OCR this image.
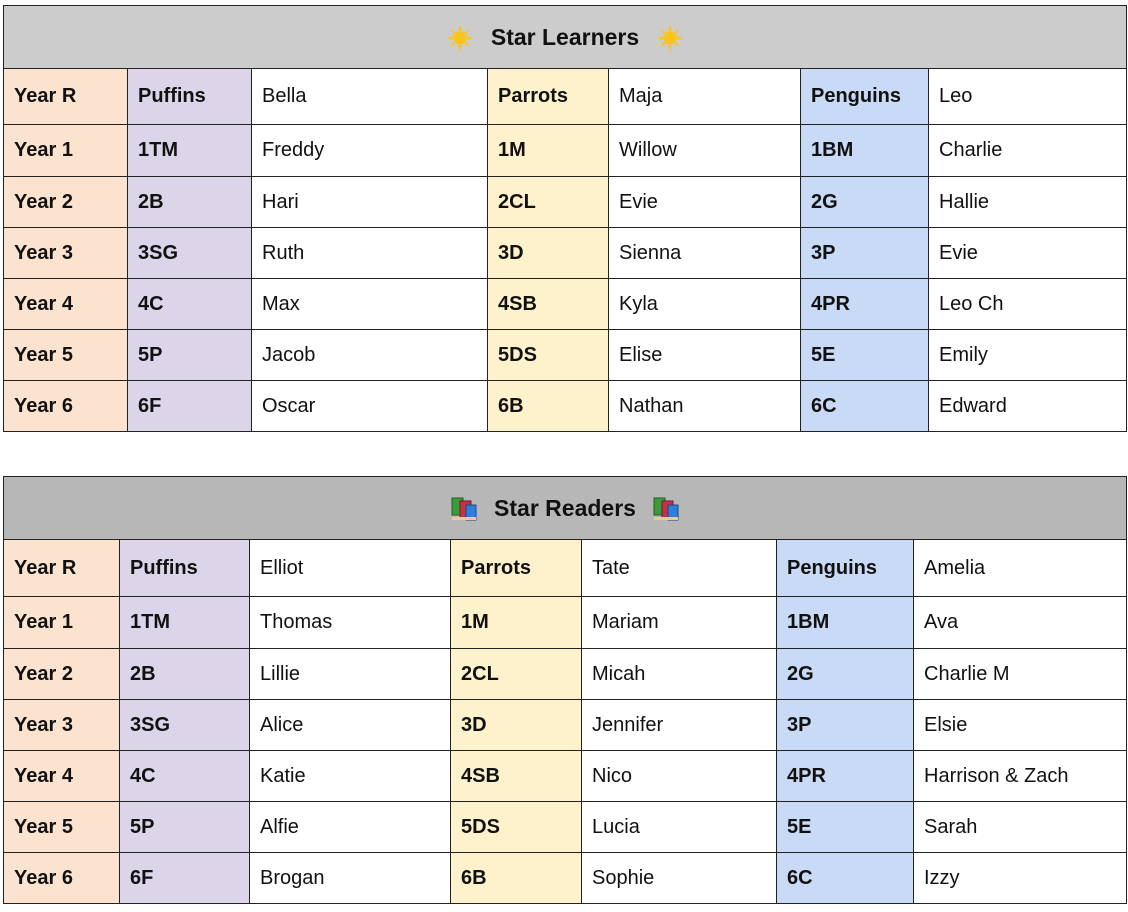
Star Learners						
Year R	Puffins	Bella	Parrots	Maja	Penguins	Leo
Year 1	1TM	Freddy	1M	Willow	1BM	Charlie
Year 2	2B	Hari	2CL	Evie	2G	Hallie
Year 3	3SG	Ruth	3D	Sienna	3P	Evie
Year 4	4C	Max	4SB	Kyla	4PR	Leo Ch
Year 5	5P	Jacob	5DS	Elise	5E	Emily
Year 6	6F	Oscar	6B	Nathan	6C	Edward
Star Readers						
Year R	Puffins	Elliot	Parrots	Tate	Penguins	Amelia
Year 1	1TM	Thomas	1M	Mariam	1BM	Ava
Year 2	2B	Lillie	2CL	Micah	2G	Charlie M
Year 3	3SG	Alice	3D	Jennifer	3P	Elsie
Year 4	4C	Katie	4SB	Nico	4PR	Harrison & Zach
Year 5	5P	Alfie	5DS	Lucia	5E	Sarah
Year 6	6F	Brogan	6B	Sophie	6C	Izzy
